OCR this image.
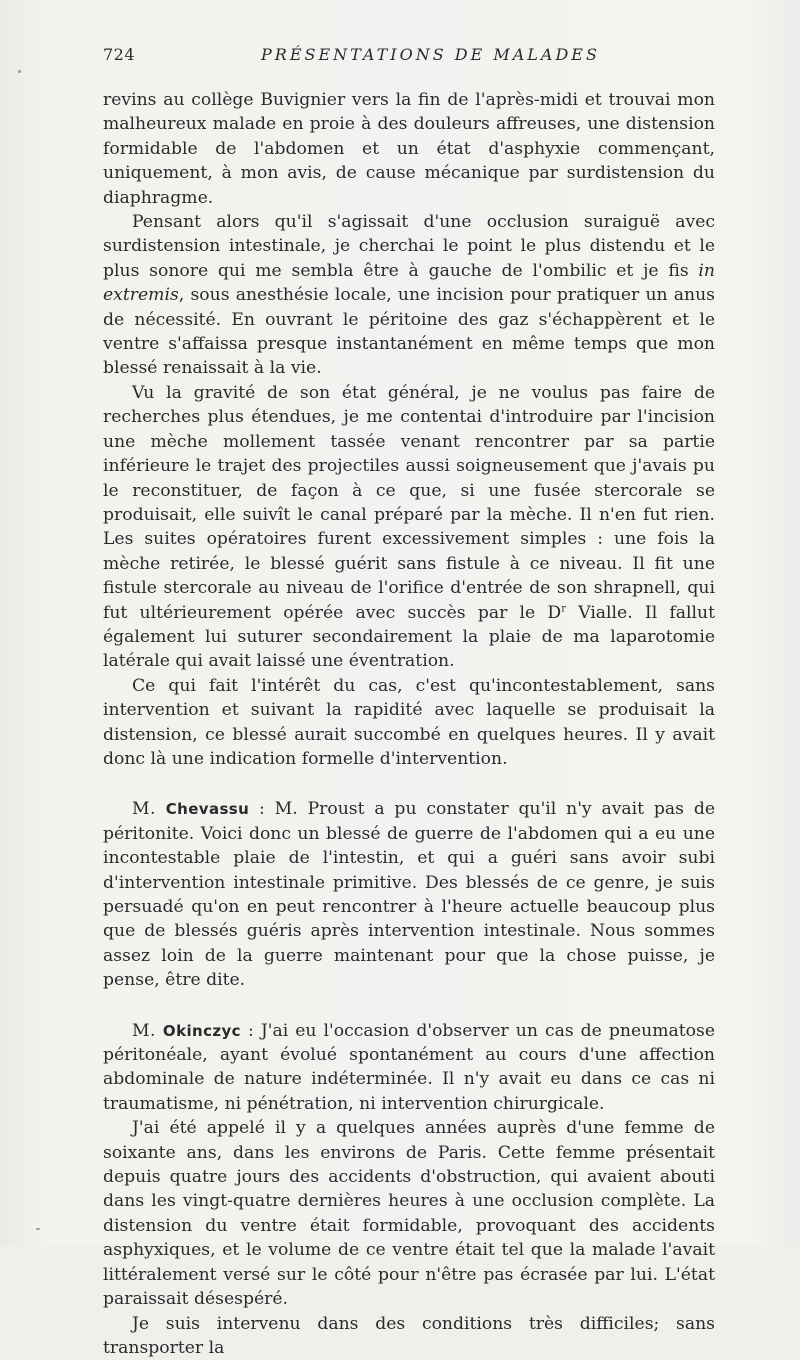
724	PRÉSENTATIONS DE MALADES

revins au collège Buvignier vers la fin de l'après-midi et trouvai mon malheureux malade en proie à des douleurs affreuses, une distension formidable de l'abdomen et un état d'asphyxie commençant, uniquement, à mon avis, de cause mécanique par surdistension du diaphragme.

Pensant alors qu'il s'agissait d'une occlusion suraiguë avec surdistension intestinale, je cherchai le point le plus distendu et le plus sonore qui me sembla être à gauche de l'ombilic et je fis in extremis, sous anesthésie locale, une incision pour pratiquer un anus de nécessité. En ouvrant le péritoine des gaz s'échappèrent et le ventre s'affaissa presque instantanément en même temps que mon blessé renaissait à la vie.

Vu la gravité de son état général, je ne voulus pas faire de recherches plus étendues, je me contentai d'introduire par l'incision une mèche mollement tassée venant rencontrer par sa partie inférieure le trajet des projectiles aussi soigneusement que j'avais pu le reconstituer, de façon à ce que, si une fusée stercorale se produisait, elle suivît le canal préparé par la mèche. Il n'en fut rien. Les suites opératoires furent excessivement simples : une fois la mèche retirée, le blessé guérit sans fistule à ce niveau. Il fit une fistule stercorale au niveau de l'orifice d'entrée de son shrapnell, qui fut ultérieurement opérée avec succès par le $D^r$ Vialle. Il fallut également lui suturer secondairement la plaie de ma laparotomie latérale qui avait laissé une éventration.

Ce qui fait l'intérêt du cas, c'est qu'incontestablement, sans intervention et suivant la rapidité avec laquelle se produisait la distension, ce blessé aurait succombé en quelques heures. Il y avait donc là une indication formelle d'intervention.

M. Chevassu : M. Proust a pu constater qu'il n'y avait pas de péritonite. Voici donc un blessé de guerre de l'abdomen qui a eu une incontestable plaie de l'intestin, et qui a guéri sans avoir subi d'intervention intestinale primitive. Des blessés de ce genre, je suis persuadé qu'on en peut rencontrer à l'heure actuelle beaucoup plus que de blessés guéris après intervention intestinale. Nous sommes assez loin de la guerre maintenant pour que la chose puisse, je pense, être dite.

M. Okinczyc : J'ai eu l'occasion d'observer un cas de pneumatose péritonéale, ayant évolué spontanément au cours d'une affection abdominale de nature indéterminée. Il n'y avait eu dans ce cas ni traumatisme, ni pénétration, ni intervention chirurgicale.

J'ai été appelé il y a quelques années auprès d'une femme de soixante ans, dans les environs de Paris. Cette femme présentait depuis quatre jours des accidents d'obstruction, qui avaient abouti dans les vingt-quatre dernières heures à une occlusion complète. La distension du ventre était formidable, provoquant des accidents asphyxiques, et le volume de ce ventre était tel que la malade l'avait littéralement versé sur le côté pour n'être pas écrasée par lui. L'état paraissait désespéré.

Je suis intervenu dans des conditions très difficiles; sans transporter la
